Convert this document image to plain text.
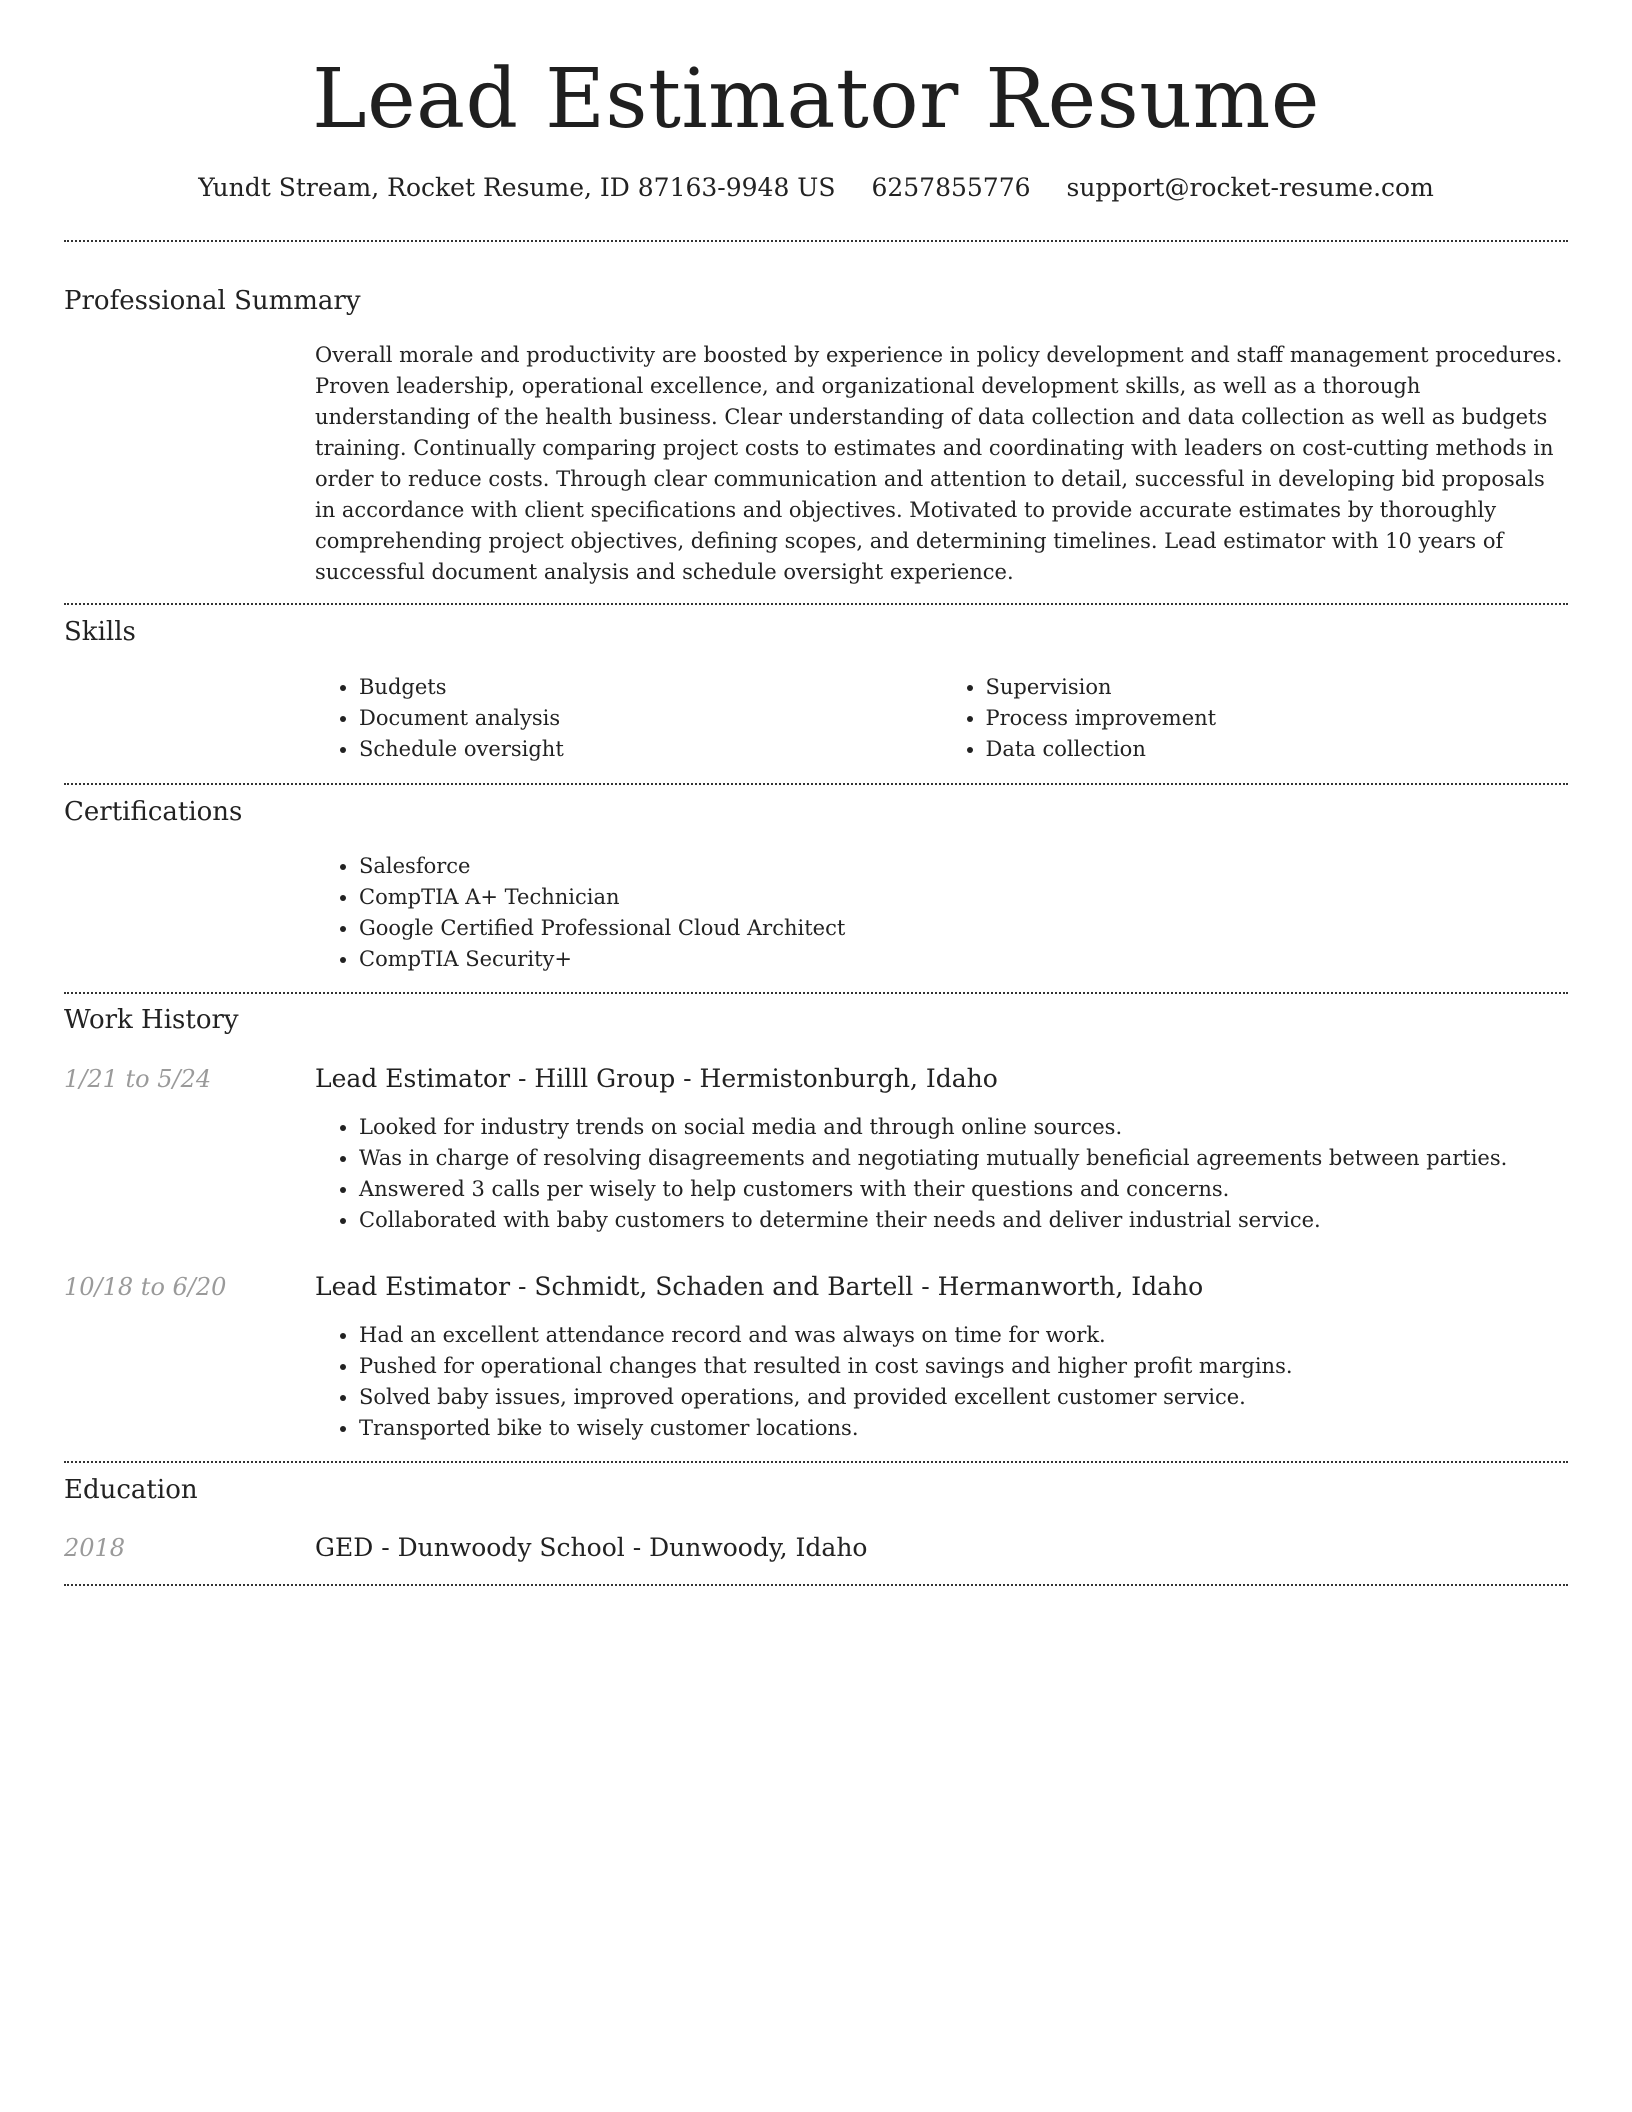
Lead Estimator Resume
Yundt Stream, Rocket Resume, ID 87163-9948 US 6257855776 support@rocket-resume.com
Professional Summary

Overall morale and productivity are boosted by experience in policy development and staff management procedures. Proven leadership, operational excellence, and organizational development skills, as well as a thorough understanding of the health business. Clear understanding of data collection and data collection as well as budgets training. Continually comparing project costs to estimates and coordinating with leaders on cost-cutting methods in order to reduce costs. Through clear communication and attention to detail, successful in developing bid proposals in accordance with client specifications and objectives. Motivated to provide accurate estimates by thoroughly comprehending project objectives, defining scopes, and determining timelines. Lead estimator with 10 years of successful document analysis and schedule oversight experience.

Skills
• Budgets
• Document analysis
• Schedule oversight
• Supervision
• Process improvement
• Data collection
Certifications
• Salesforce
• CompTIA A+ Technician
• Google Certified Professional Cloud Architect
• CompTIA Security+
Work History
1/21 to 5/24	Lead Estimator - Hilll Group - Hermistonburgh, Idaho
• Looked for industry trends on social media and through online sources.
• Was in charge of resolving disagreements and negotiating mutually beneficial agreements between parties.
• Answered 3 calls per wisely to help customers with their questions and concerns.
• Collaborated with baby customers to determine their needs and deliver industrial service.
10/18 to 6/20	Lead Estimator - Schmidt, Schaden and Bartell - Hermanworth, Idaho
• Had an excellent attendance record and was always on time for work.
• Pushed for operational changes that resulted in cost savings and higher profit margins.
• Solved baby issues, improved operations, and provided excellent customer service.
• Transported bike to wisely customer locations.
Education
2018	GED - Dunwoody School - Dunwoody, Idaho
